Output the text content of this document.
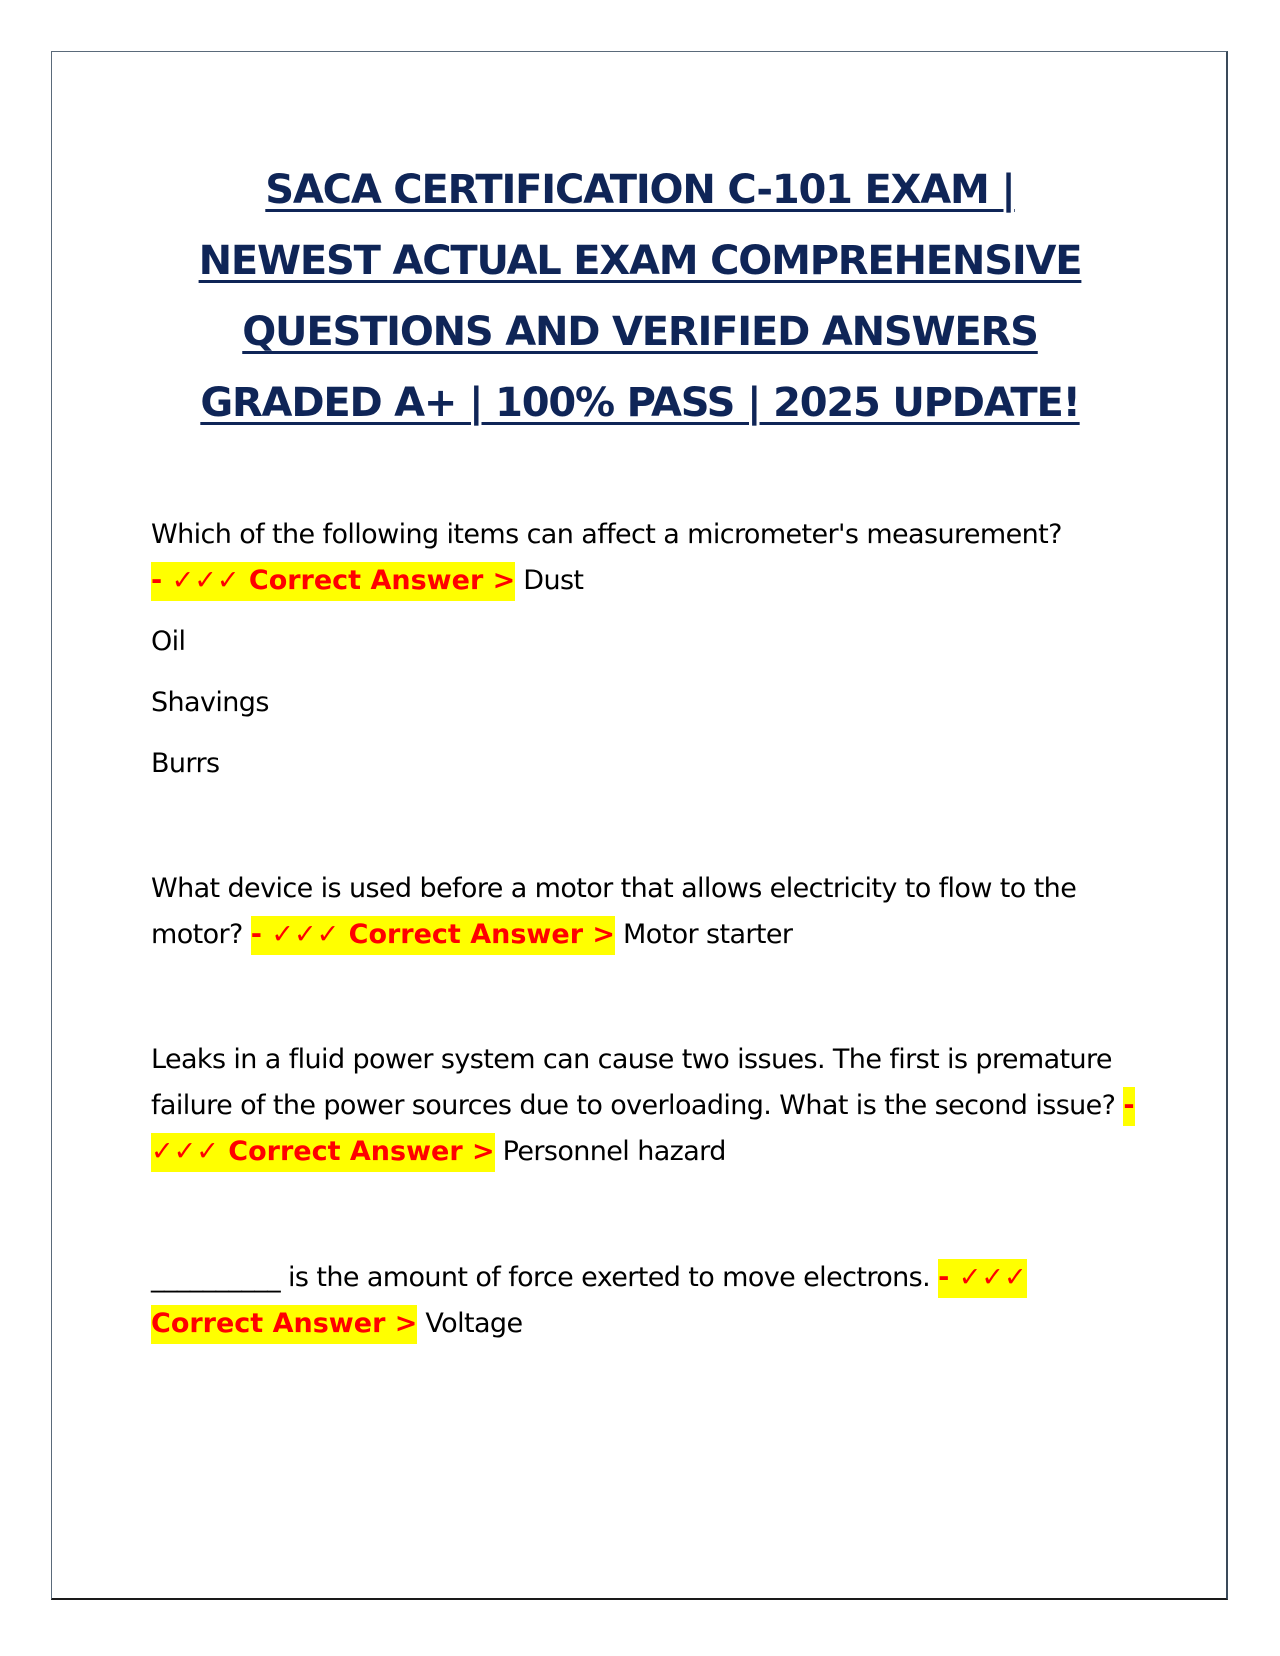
SACA CERTIFICATION C-101 EXAM |
NEWEST ACTUAL EXAM COMPREHENSIVE
QUESTIONS AND VERIFIED ANSWERS
GRADED A+ | 100% PASS | 2025 UPDATE!

Which of the following items can affect a micrometer's measurement?
- ✓✓✓ Correct Answer > Dust

Oil
Shavings
Burrs

What device is used before a motor that allows electricity to flow to the motor? - ✓✓✓ Correct Answer > Motor starter

Leaks in a fluid power system can cause two issues. The first is premature failure of the power sources due to overloading. What is the second issue? - ✓✓✓ Correct Answer > Personnel hazard

__________ is the amount of force exerted to move electrons. - ✓✓✓ Correct Answer > Voltage
